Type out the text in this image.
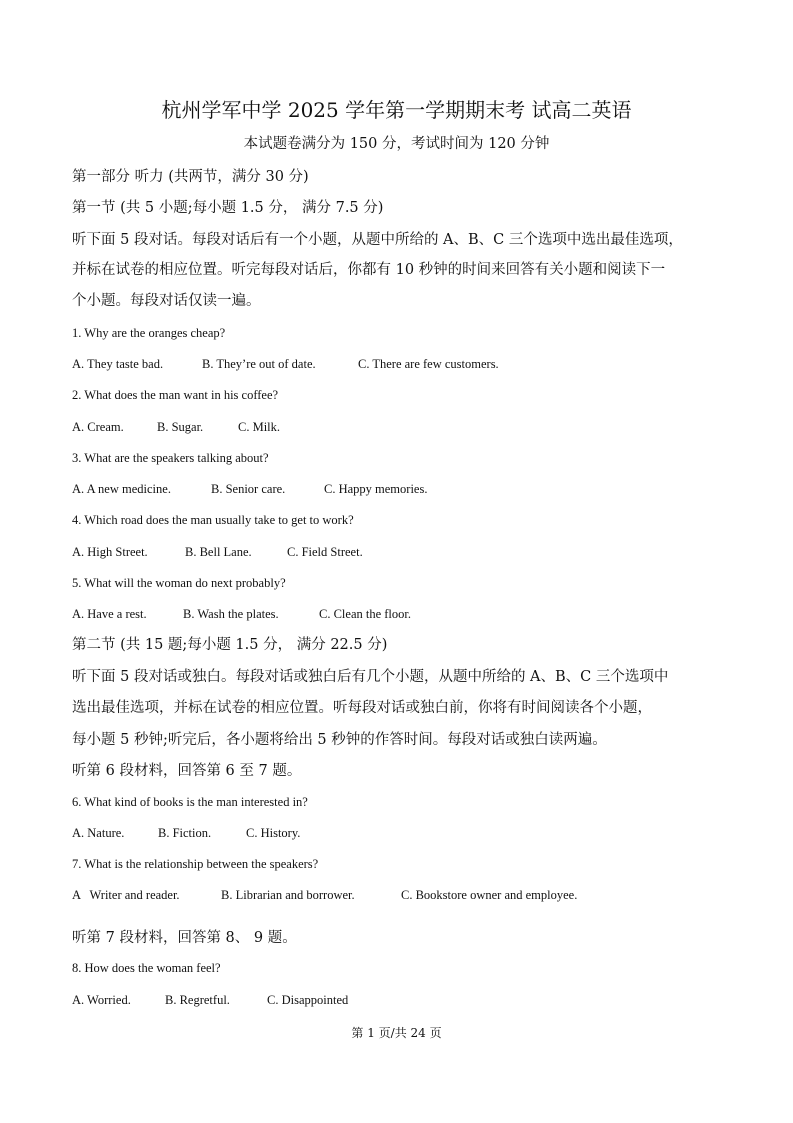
杭州学军中学 2025 学年第一学期期末考 试高二英语
本试题卷满分为 150 分，考试时间为 120 分钟
第一部分 听力 (共两节，满分 30 分)
第一节 (共 5 小题;每小题 1.5 分， 满分 7.5 分)
听下面 5 段对话。每段对话后有一个小题，从题中所给的 A、B、C 三个选项中选出最佳选项，
并标在试卷的相应位置。听完每段对话后，你都有 10 秒钟的时间来回答有关小题和阅读下一
个小题。每段对话仅读一遍。
1. Why are the oranges cheap?
A. They taste bad.	B. They’re out of date.	C. There are few customers.
2. What does the man want in his coffee?
A. Cream.	B. Sugar.	C. Milk.
3. What are the speakers talking about?
A. A new medicine.	B. Senior care.	C. Happy memories.
4. Which road does the man usually take to get to work?
A. High Street.	B. Bell Lane.	C. Field Street.
5. What will the woman do next probably?
A. Have a rest.	B. Wash the plates.	C. Clean the floor.
第二节 (共 15 题;每小题 1.5 分， 满分 22.5 分)
听下面 5 段对话或独白。每段对话或独白后有几个小题，从题中所给的 A、B、C 三个选项中
选出最佳选项，并标在试卷的相应位置。听每段对话或独白前，你将有时间阅读各个小题，
每小题 5 秒钟;听完后，各小题将给出 5 秒钟的作答时间。每段对话或独白读两遍。
听第 6 段材料，回答第 6 至 7 题。
6. What kind of books is the man interested in?
A. Nature.	B. Fiction.	C. History.
7. What is the relationship between the speakers?
A   Writer and reader.	B. Librarian and borrower.	C. Bookstore owner and employee.
听第 7 段材料，回答第 8、 9 题。
8. How does the woman feel?
A. Worried.	B. Regretful.	C. Disappointed
第 1 页/共 24 页
